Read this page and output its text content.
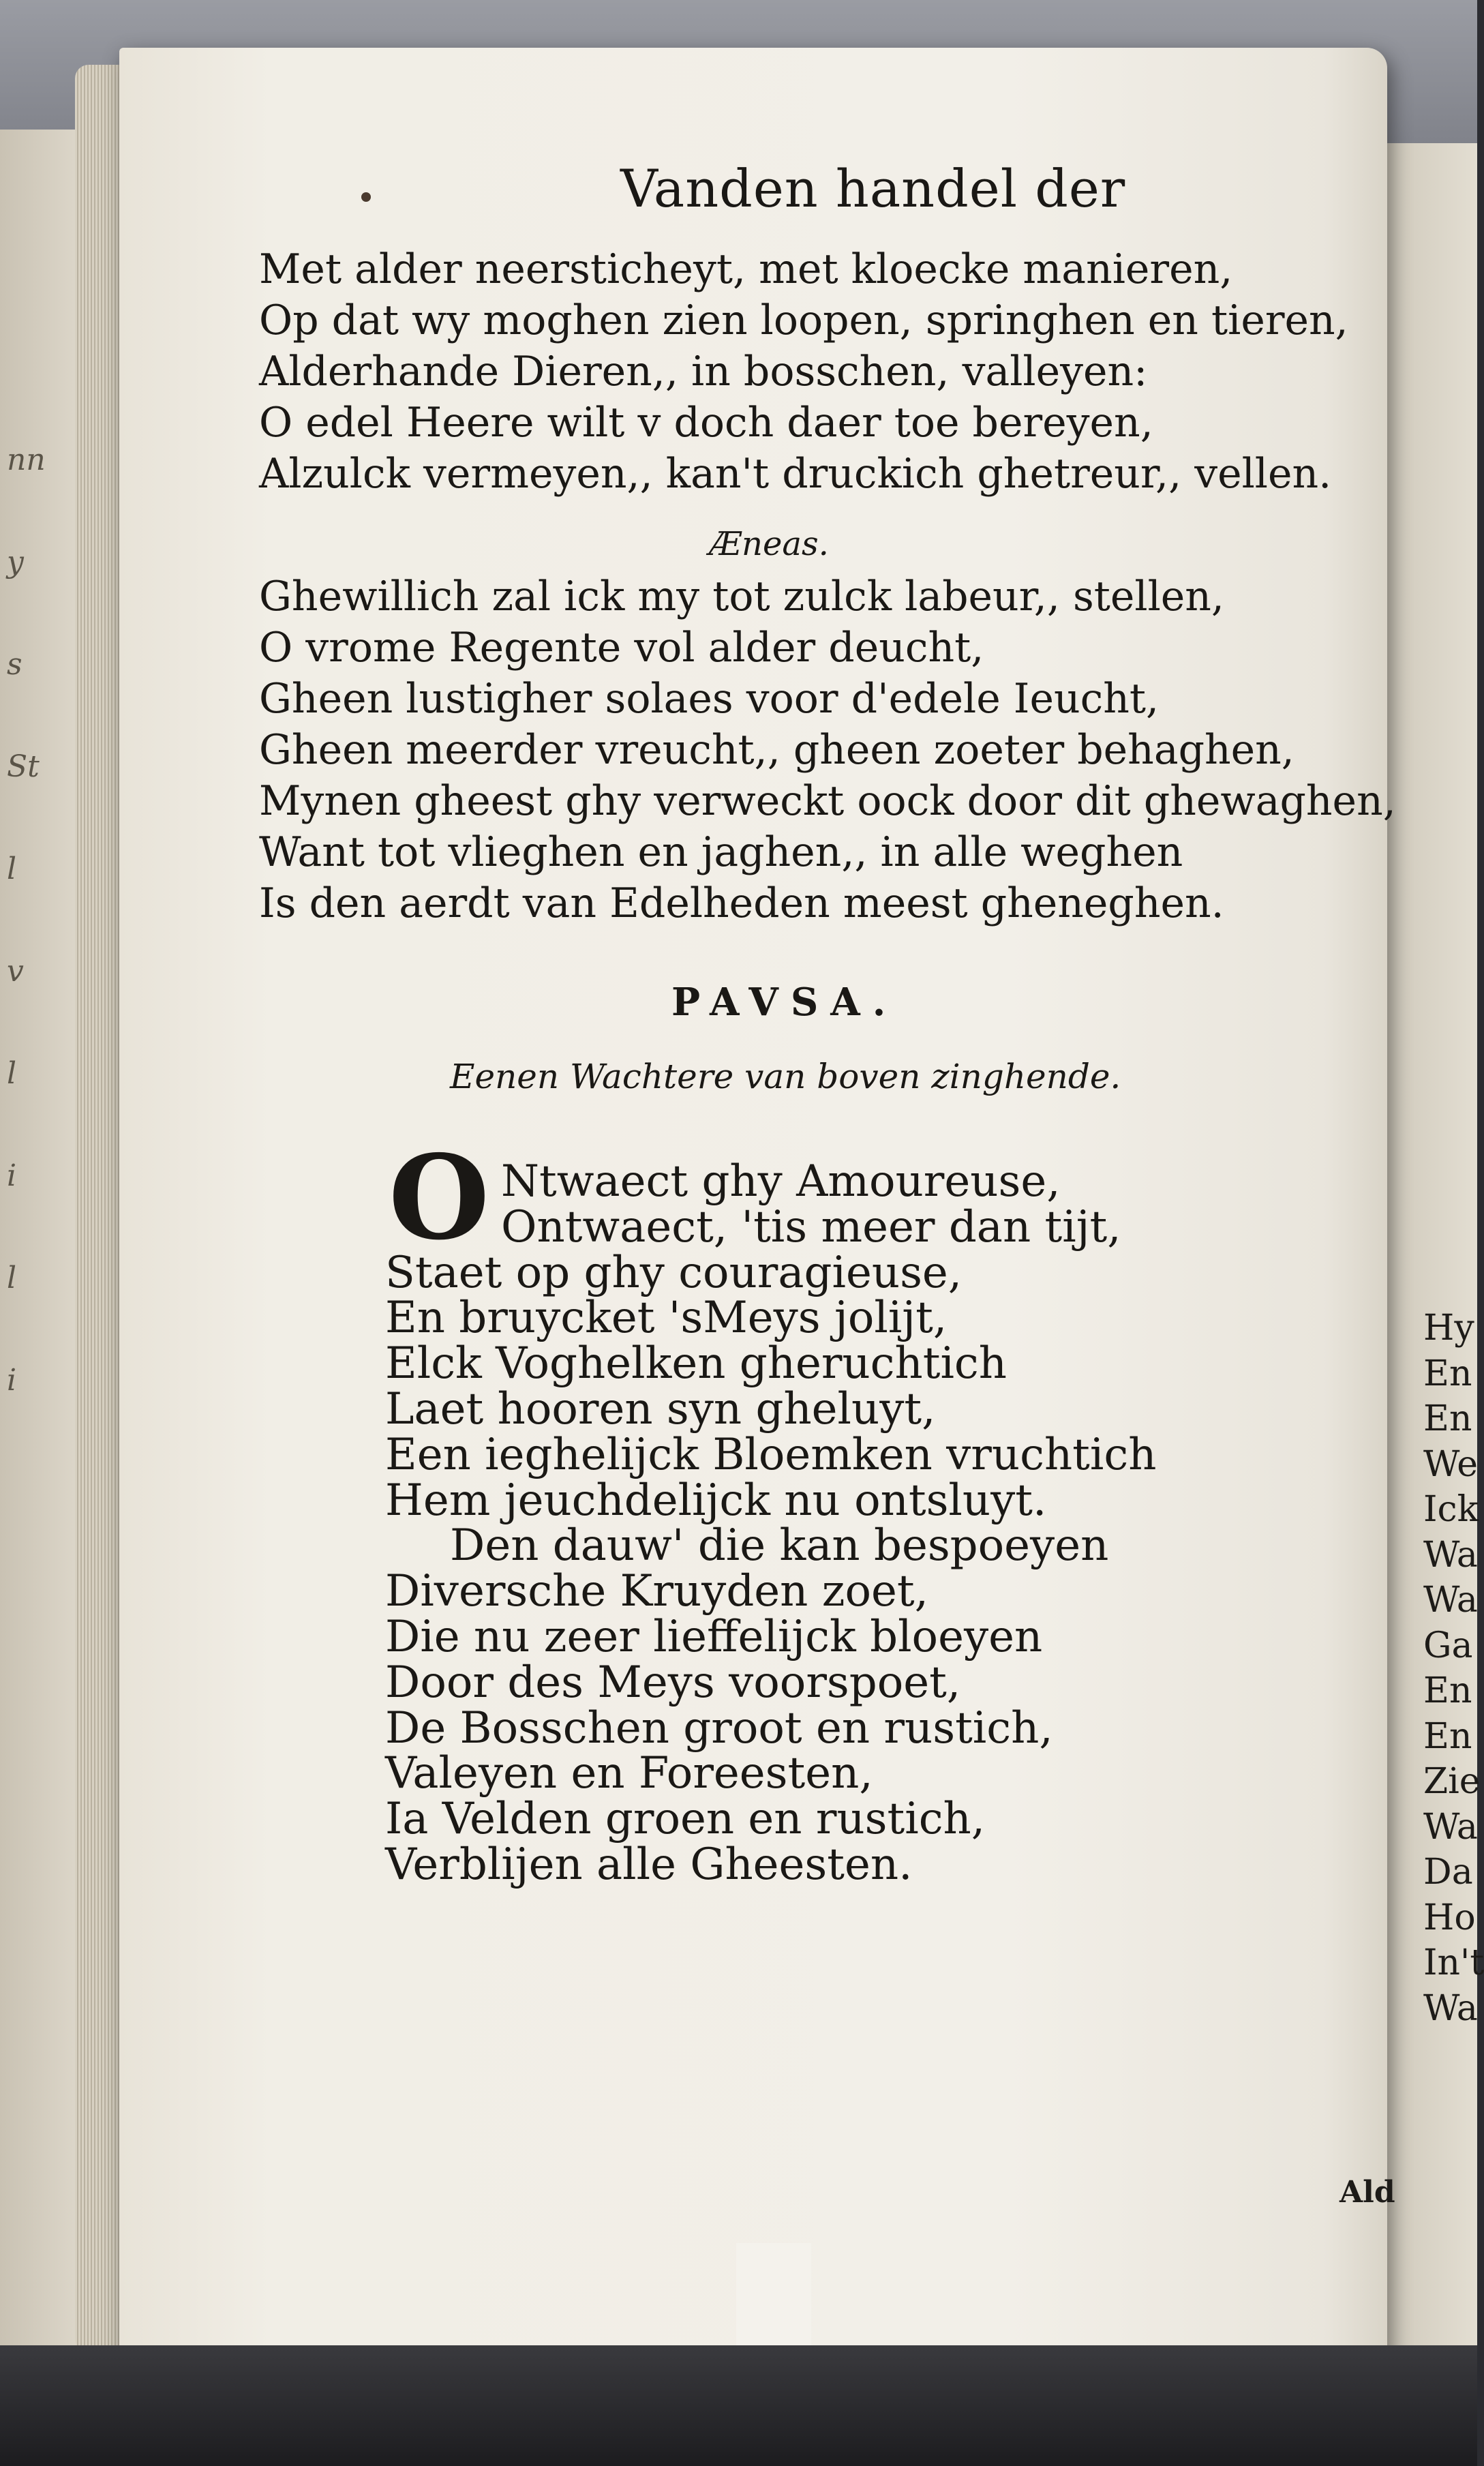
nn
y
s
St
l
v
l
i
l
i
Hy
En
En
We
Ick
Wa
Wa
Ga
En
En
Zie
Wa
Da
Ho
In't
Wa
Vanden handel der
Met alder neersticheyt, met kloecke manieren,
Op dat wy moghen zien loopen, springhen en tieren,
Alderhande Dieren,, in bosschen, valleyen:
O edel Heere wilt v doch daer toe bereyen,
Alzulck vermeyen,, kan't druckich ghetreur,, vellen.
Æneas.
Ghewillich zal ick my tot zulck labeur,, stellen,
O vrome Regente vol alder deucht,
Gheen lustigher solaes voor d'edele Ieucht,
Gheen meerder vreucht,, gheen zoeter behaghen,
Mynen gheest ghy verweckt oock door dit ghewaghen,
Want tot vlieghen en jaghen,, in alle weghen
Is den aerdt van Edelheden meest gheneghen.
PAVSA.
Eenen Wachtere van boven zinghende.
O Ntwaect ghy Amoureuse,
Ontwaect, 'tis meer dan tijt,
Staet op ghy couragieuse,
En bruycket 'sMeys jolijt,
Elck Voghelken gheruchtich
Laet hooren syn gheluyt,
Een ieghelijck Bloemken vruchtich
Hem jeuchdelijck nu ontsluyt.
Den dauw' die kan bespoeyen
Diversche Kruyden zoet,
Die nu zeer lieffelijck bloeyen
Door des Meys voorspoet,
De Bosschen groot en rustich,
Valeyen en Foreesten,
Ia Velden groen en rustich,
Verblijen alle Gheesten.
Ald
